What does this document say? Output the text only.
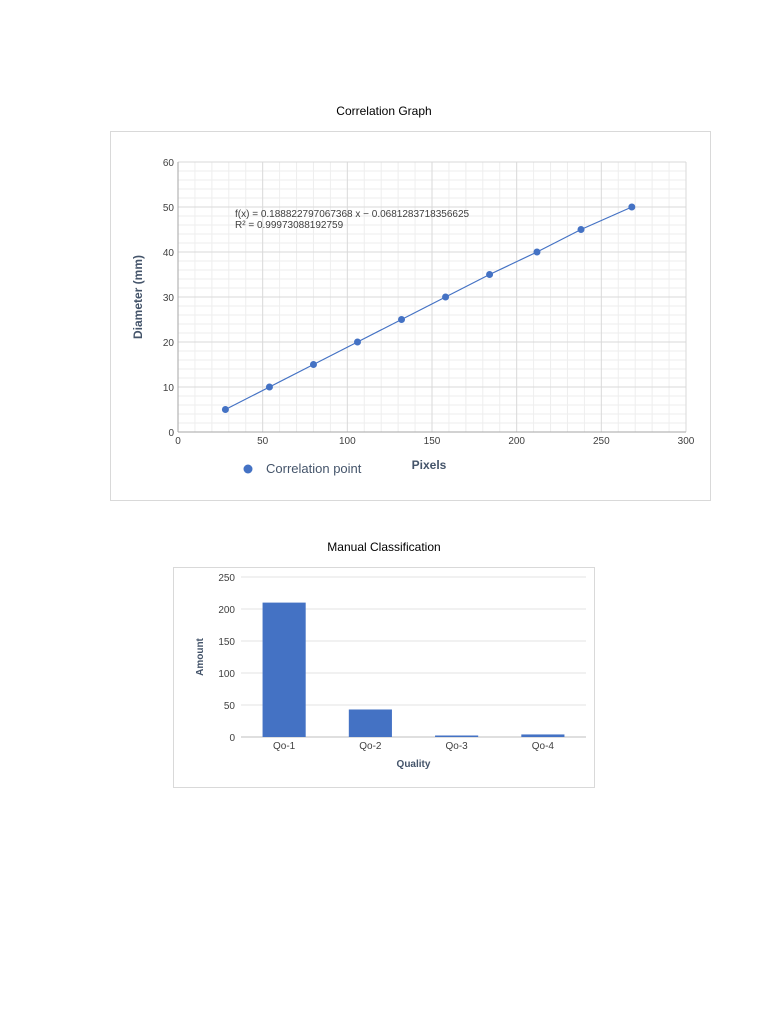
Correlation Graph
0	50	100	150	200	250	300
0
10
20
30
40
50
60
f(x) = 0.188822797067368 x − 0.0681283718356625
R² = 0.99973088192759
Diameter (mm)
Pixels
Correlation point
Manual Classification
0
50
100
150
200
250
Qo-1	Qo-2	Qo-3	Qo-4
Amount
Quality
